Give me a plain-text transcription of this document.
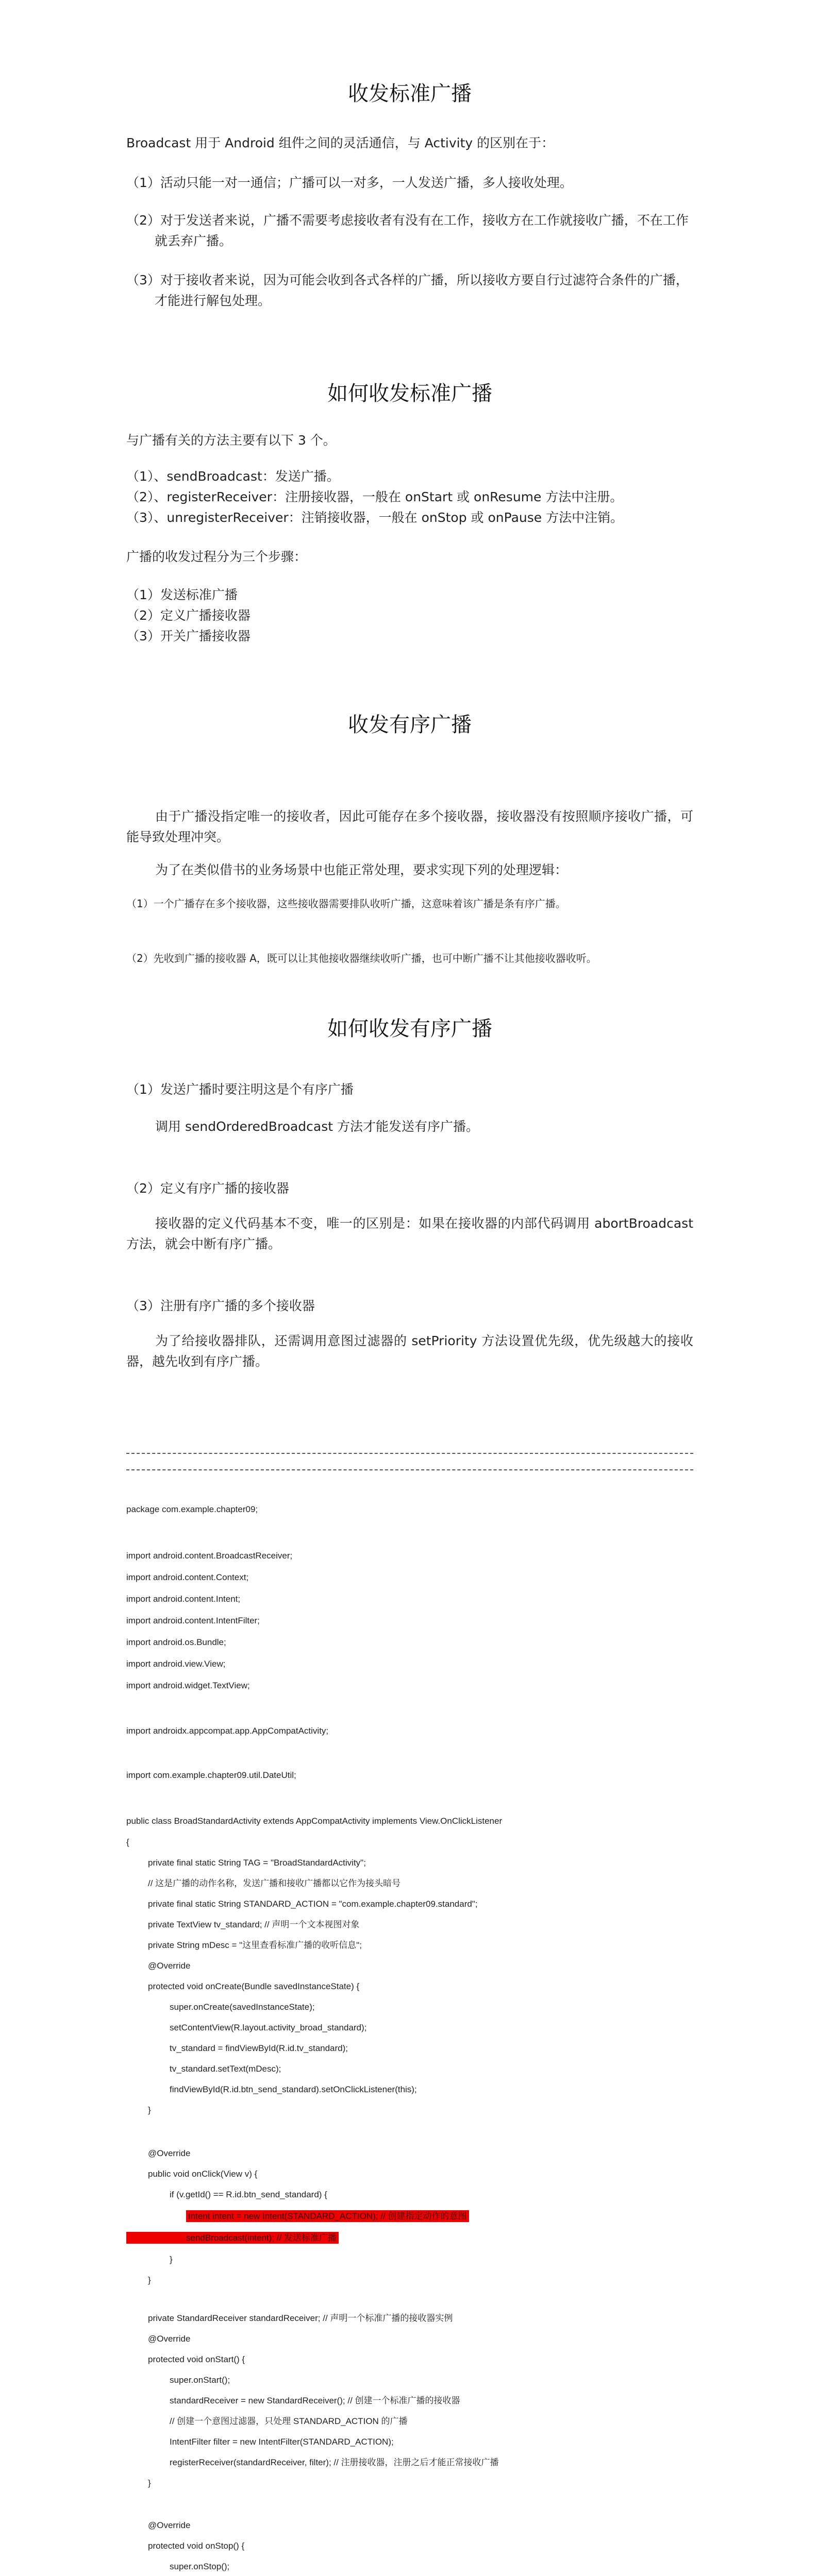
收发标准广播

Broadcast 用于 Android 组件之间的灵活通信，与 Activity 的区别在于：

（1）活动只能一对一通信；广播可以一对多，一人发送广播，多人接收处理。

（2）对于发送者来说，广播不需要考虑接收者有没有在工作，接收方在工作就接收广播，不在工作就丢弃广播。

（3）对于接收者来说，因为可能会收到各式各样的广播，所以接收方要自行过滤符合条件的广播，才能进行解包处理。

如何收发标准广播

与广播有关的方法主要有以下 3 个。

（1）、sendBroadcast：发送广播。

（2）、registerReceiver：注册接收器，一般在 onStart 或 onResume 方法中注册。

（3）、unregisterReceiver：注销接收器，一般在 onStop 或 onPause 方法中注销。

广播的收发过程分为三个步骤：

（1）发送标准广播

（2）定义广播接收器

（3）开关广播接收器

收发有序广播

由于广播没指定唯一的接收者，因此可能存在多个接收器，接收器没有按照顺序接收广播，可能导致处理冲突。

为了在类似借书的业务场景中也能正常处理，要求实现下列的处理逻辑：

（1）一个广播存在多个接收器，这些接收器需要排队收听广播，这意味着该广播是条有序广播。

（2）先收到广播的接收器 A，既可以让其他接收器继续收听广播，也可中断广播不让其他接收器收听。

如何收发有序广播

（1）发送广播时要注明这是个有序广播

调用 sendOrderedBroadcast 方法才能发送有序广播。

（2）定义有序广播的接收器

接收器的定义代码基本不变，唯一的区别是：如果在接收器的内部代码调用 abortBroadcast 方法，就会中断有序广播。

（3）注册有序广播的多个接收器

为了给接收器排队，还需调用意图过滤器的 setPriority 方法设置优先级，优先级越大的接收器，越先收到有序广播。

package com.example.chapter09;
import android.content.BroadcastReceiver;
import android.content.Context;
import android.content.Intent;
import android.content.IntentFilter;
import android.os.Bundle;
import android.view.View;
import android.widget.TextView;
import androidx.appcompat.app.AppCompatActivity;
import com.example.chapter09.util.DateUtil;
public class BroadStandardActivity extends AppCompatActivity implements View.OnClickListener
{
private final static String TAG = "BroadStandardActivity";
// 这是广播的动作名称，发送广播和接收广播都以它作为接头暗号
private final static String STANDARD_ACTION = "com.example.chapter09.standard";
private TextView tv_standard; // 声明一个文本视图对象
private String mDesc = "这里查看标准广播的收听信息";
@Override
protected void onCreate(Bundle savedInstanceState) {
super.onCreate(savedInstanceState);
setContentView(R.layout.activity_broad_standard);
tv_standard = findViewById(R.id.tv_standard);
tv_standard.setText(mDesc);
findViewById(R.id.btn_send_standard).setOnClickListener(this);
}
@Override
public void onClick(View v) {
if (v.getId() == R.id.btn_send_standard) {
Intent intent = new Intent(STANDARD_ACTION); // 创建指定动作的意图
sendBroadcast(intent); // 发送标准广播
}
}
private StandardReceiver standardReceiver; // 声明一个标准广播的接收器实例
@Override
protected void onStart() {
super.onStart();
standardReceiver = new StandardReceiver(); // 创建一个标准广播的接收器
// 创建一个意图过滤器，只处理 STANDARD_ACTION 的广播
IntentFilter filter = new IntentFilter(STANDARD_ACTION);
registerReceiver(standardReceiver, filter); // 注册接收器，注册之后才能正常接收广播
}
@Override
protected void onStop() {
super.onStop();
